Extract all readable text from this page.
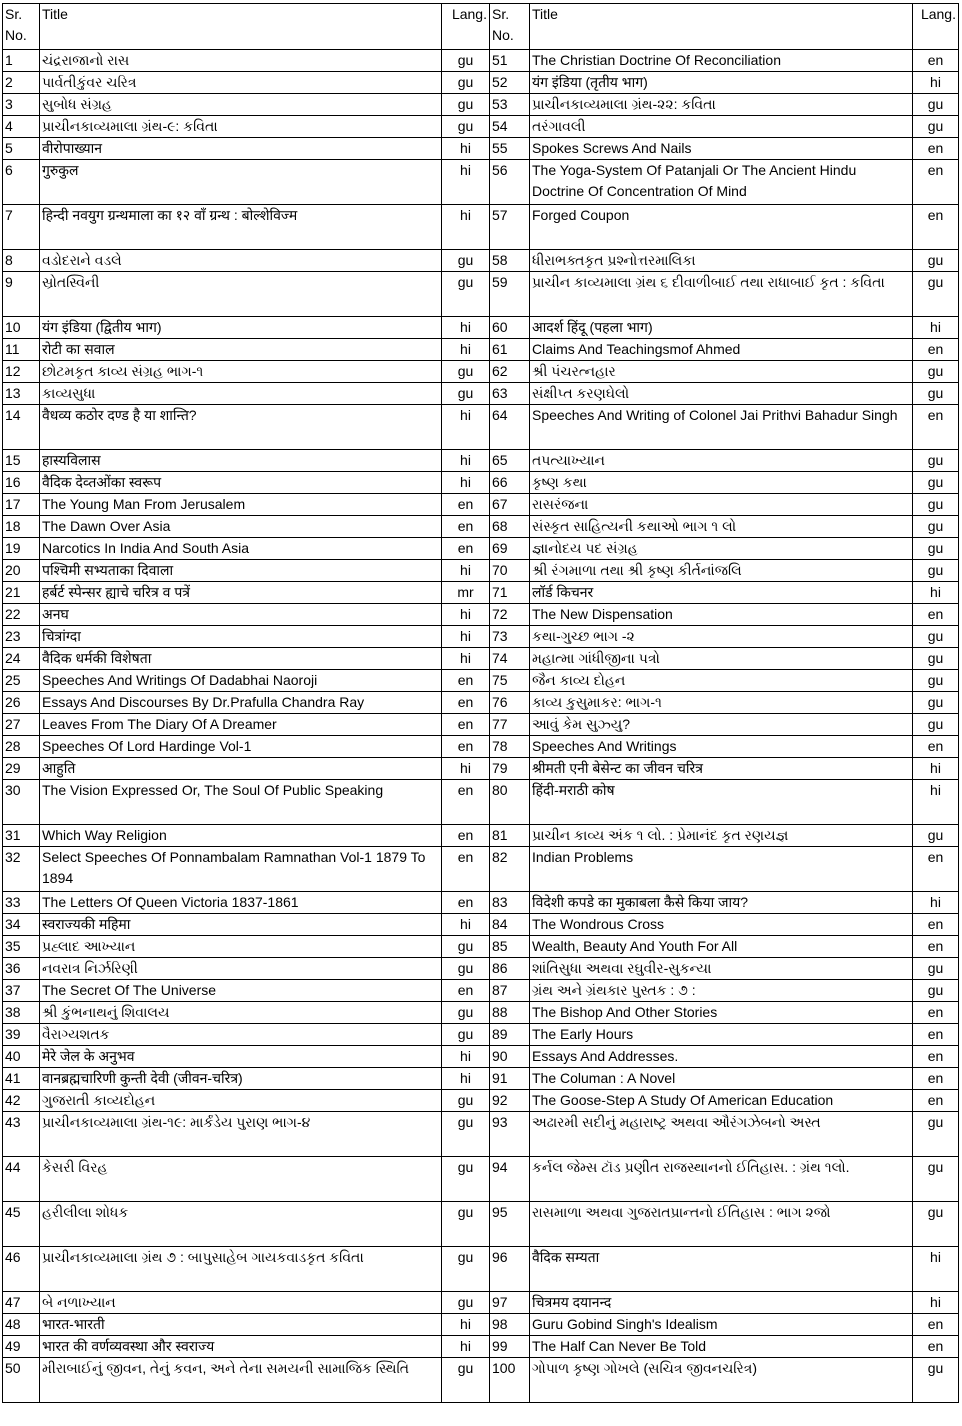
Sr. No.	Title	Lang.	Sr. No.	Title	Lang.
1	ચંદ્રરાજાનો રાસ	gu	51	The Christian Doctrine Of Reconciliation	en
2	પાર્વતીકુંવર ચરિત્ર	gu	52	यंग इंडिया (तृतीय भाग)	hi
3	સુબોધ સંગ્રહ	gu	53	પ્રાચીનકાવ્યમાલા ગ્રંથ-૨૨: કવિતા	gu
4	પ્રાચીનકાવ્યમાલા ગ્રંથ-૯: કવિતા	gu	54	તરંગાવલી	gu
5	वीरोपाख्यान	hi	55	Spokes Screws And Nails	en
6	गुरुकुल	hi	56	The Yoga-System Of Patanjali Or The Ancient Hindu Doctrine Of Concentration Of Mind	en
7	हिन्दी नवयुग ग्रन्थमाला का १२ वाँ ग्रन्थ : बोल्शेविज्म	hi	57	Forged Coupon	en
8	વડોદરાને વડલે	gu	58	ધીરાભક્તકૃત પ્રશ્નોત્તરમાલિકા	gu
9	સ્રોતસ્વિની	gu	59	પ્રાચીન કાવ્યમાલા ગ્રંથ ૬ દીવાળીબાઈ તથા રાધાબાઈ કૃત : કવિતા	gu
10	यंग इंडिया (द्वितीय भाग)	hi	60	आदर्श हिंदू (पहला भाग)	hi
11	रोटी का सवाल	hi	61	Claims And Teachingsmof Ahmed	en
12	છોટમકૃત કાવ્ય સંગ્રહ ભાગ-૧	gu	62	શ્રી પંચરત્નહાર	gu
13	કાવ્યસુધા	gu	63	સંક્ષીપ્ત કરણઘેલો	gu
14	वैधव्य कठोर दण्ड है या शान्ति?	hi	64	Speeches And Writing of Colonel Jai Prithvi Bahadur Singh	en
15	हास्यविलास	hi	65	તપત્યાખ્યાન	gu
16	वैदिक देव्तओंका स्वरूप	hi	66	કૃષ્ણ કથા	gu
17	The Young Man From Jerusalem	en	67	રાસરંજના	gu
18	The Dawn Over Asia	en	68	સંસ્કૃત સાહિત્યની કથાઓ ભાગ ૧ લો	gu
19	Narcotics In India And South Asia	en	69	જ્ઞાનોદય પદ સંગ્રહ	gu
20	पश्चिमी सभ्यताका दिवाला	hi	70	શ્રી રંગમાળા તથા શ્રી કૃષ્ણ કીર્તનાંજલિ	gu
21	हर्बर्ट स्पेन्सर ह्याचे चरित्र व पत्रें	mr	71	लॉर्ड किचनर	hi
22	अनघ	hi	72	The New Dispensation	en
23	चित्रांग्दा	hi	73	કથા-ગુચ્છ ભાગ -૨	gu
24	वैदिक धर्मकी विशेषता	hi	74	મહાત્મા ગાંધીજીના પત્રો	gu
25	Speeches And Writings Of Dadabhai Naoroji	en	75	જૈન કાવ્ય દોહન	gu
26	Essays And Discourses By Dr.Prafulla Chandra Ray	en	76	કાવ્ય કુસુમાકર: ભાગ-૧	gu
27	Leaves From The Diary Of A Dreamer	en	77	આવું કેમ સુઝ્યુ?	gu
28	Speeches Of Lord Hardinge Vol-1	en	78	Speeches And Writings	en
29	आहुति	hi	79	श्रीमती एनी बेसेन्ट का जीवन चरित्र	hi
30	The Vision Expressed Or, The Soul Of Public Speaking	en	80	हिंदी-मराठी कोष	hi
31	Which Way Religion	en	81	પ્રાચીન કાવ્ય અંક ૧ લો. : પ્રેમાનંદ કૃત રણયજ્ઞ	gu
32	Select Speeches Of Ponnambalam Ramnathan Vol-1 1879 To 1894	en	82	Indian Problems	en
33	The Letters Of Queen Victoria 1837-1861	en	83	विदेशी कपडे का मुकाबला कैसे किया जाय?	hi
34	स्वराज्यकी महिमा	hi	84	The Wondrous Cross	en
35	પ્રહ્લાદ આખ્યાન	gu	85	Wealth, Beauty And Youth For All	en
36	નવરાત્ર નિર્ઝરિણી	gu	86	શાંતિસુધા અથવા રઘુવીર-સુકન્યા	gu
37	The Secret Of The Universe	en	87	ગ્રંથ અને ગ્રંથકાર પુસ્તક : ૭ :	gu
38	શ્રી કુંભનાથનું શિવાલય	gu	88	The Bishop And Other Stories	en
39	વૈરાગ્યશતક	gu	89	The Early Hours	en
40	मेरे जेल के अनुभव	hi	90	Essays And Addresses.	en
41	वानब्रह्मचारिणी कुन्ती देवी (जीवन-चरित्र)	hi	91	The Columan : A Novel	en
42	ગુજરાતી કાવ્યદોહન	gu	92	The Goose-Step A Study Of American Education	en
43	પ્રાચીનકાવ્યમાલા ગ્રંથ-૧૯: માર્કંડેય પુરાણ ભાગ-૪	gu	93	અઢારમી સદીનું મહારાષ્ટ્ર અથવા ઔરંગઝેબનો અસ્ત	gu
44	કેસરી વિરહ	gu	94	કર્નલ જેમ્સ ટૉડ પ્રણીત રાજસ્થાનનો ઈતિહાસ. : ગ્રંથ ૧લો.	gu
45	હરીલીલા શોધક	gu	95	રાસમાળા અથવા ગુજરાતપ્રાન્તનો ઈતિહાસ : ભાગ ૨જો	gu
46	પ્રાચીનકાવ્યમાલા ગ્રંથ ૭ : બાપુસાહેબ ગાયકવાડકૃત કવિતા	gu	96	वैदिक सम्यता	hi
47	બે નળાખ્યાન	gu	97	चित्रमय दयानन्द	hi
48	भारत-भारती	hi	98	Guru Gobind Singh's Idealism	en
49	भारत की वर्णव्यवस्था और स्वराज्य	hi	99	The Half Can Never Be Told	en
50	મીરાબાઈનું જીવન, તેનું કવન, અને તેના સમયની સામાજિક સ્થિતિ	gu	100	ગોપાળ કૃષ્ણ ગોખલે (સચિત્ર જીવનચરિત્ર)	gu
